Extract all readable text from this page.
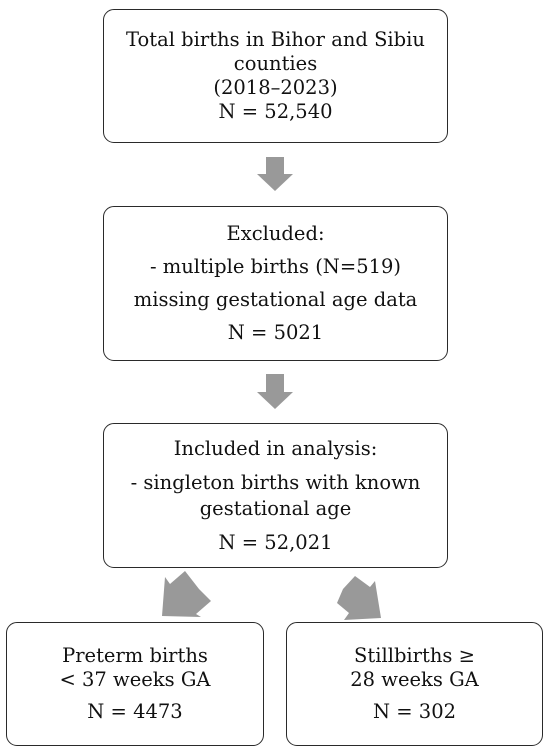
Total births in Bihor and Sibiu
counties
(2018–2023)
N = 52,540
Excluded:
- multiple births (N=519)
missing gestational age data
N = 5021
Included in analysis:
- singleton births with known
gestational age
N = 52,021
Preterm births
< 37 weeks GA
N = 4473
Stillbirths ≥
28 weeks GA
N = 302
